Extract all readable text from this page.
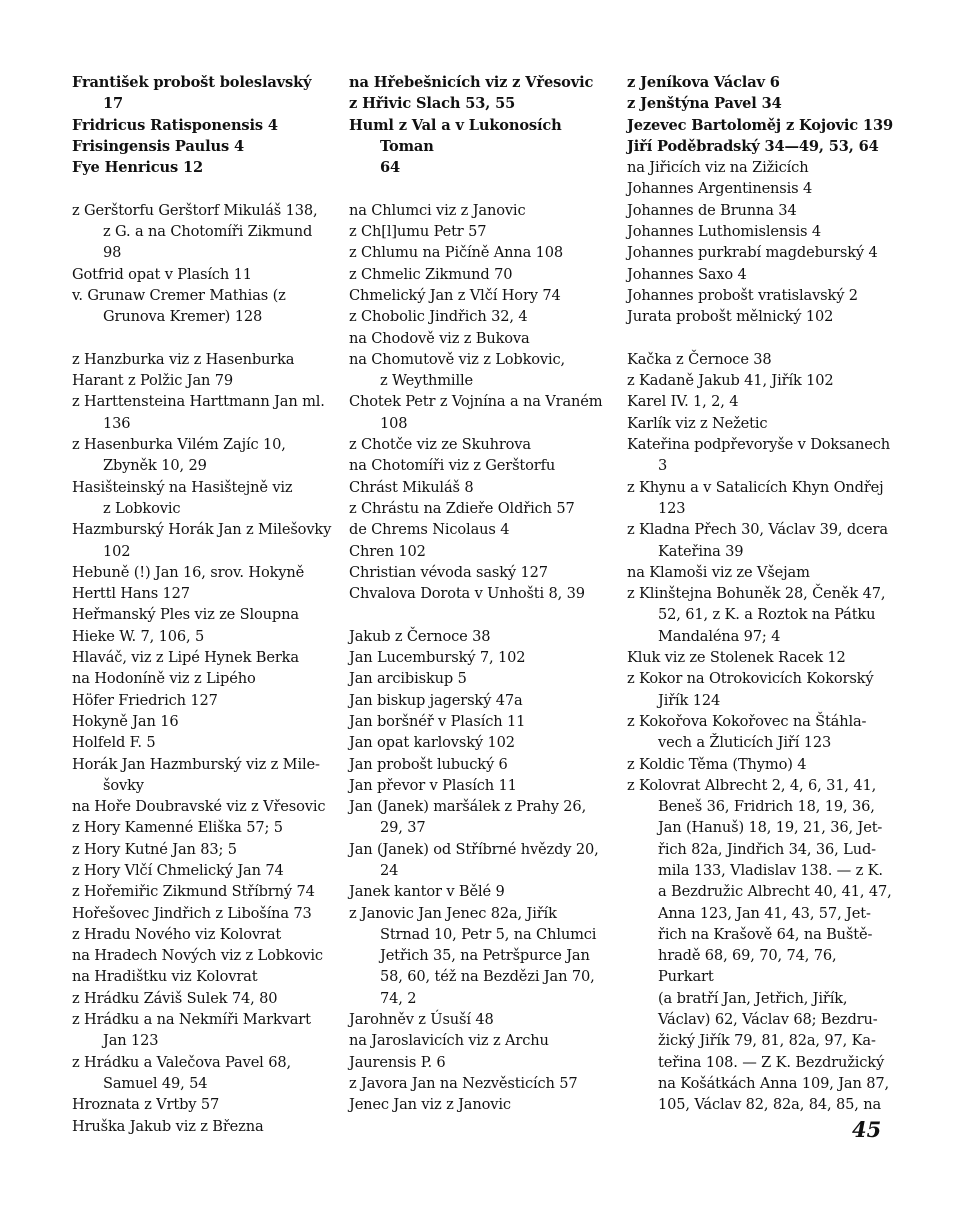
František probošt boleslavský 17

Fridricus Ratisponensis 4

Frisingensis Paulus 4

Fye Henricus 12

z Gerštorfu Gerštorf Mikuláš 138,
z G. a na Chotomíři Zikmund 98

Gotfrid opat v Plasích 11

v. Grunaw Cremer Mathias (z Grunova Kremer) 128

z Hanzburka viz z Hasenburka

Harant z Polžic Jan 79

z Harttensteina Harttmann Jan ml.
136

z Hasenburka Vilém Zajíc 10, Zbyněk 10, 29

Hasišteinský na Hasištejně viz
z Lobkovic

Hazmburský Horák Jan z Milešovky
102

Hebuně (!) Jan 16, srov. Hokyně

Herttl Hans 127

Heřmanský Ples viz ze Sloupna

Hieke W. 7, 106, 5

Hlaváč, viz z Lipé Hynek Berka

na Hodoníně viz z Lipého

Höfer Friedrich 127

Hokyně Jan 16

Holfeld F. 5

Horák Jan Hazmburský viz z Mile-
šovky

na Hoře Doubravské viz z Vřesovic

z Hory Kamenné Eliška 57; 5

z Hory Kutné Jan 83; 5

z Hory Vlčí Chmelický Jan 74

z Hořemiřic Zikmund Stříbrný 74

Hořešovec Jindřich z Libošína 73

z Hradu Nového viz Kolovrat

na Hradech Nových viz z Lobkovic

na Hradištku viz Kolovrat

z Hrádku Záviš Sulek 74, 80

z Hrádku a na Nekmíři Markvart
Jan 123

z Hrádku a Valečova Pavel 68, Samuel 49, 54

Hroznata z Vrtby 57

Hruška Jakub viz z Března

na Hřebešnicích viz z Vřesovic

z Hřivic Slach 53, 55

Huml z Val a v Lukonosích Toman
64

na Chlumci viz z Janovic

z Ch[l]umu Petr 57

z Chlumu na Pičíně Anna 108

z Chmelic Zikmund 70

Chmelický Jan z Vlčí Hory 74

z Chobolic Jindřich 32, 4

na Chodově viz z Bukova

na Chomutově viz z Lobkovic,
z Weythmille

Chotek Petr z Vojnína a na Vraném
108

z Chotče viz ze Skuhrova

na Chotomíři viz z Gerštorfu

Chrást Mikuláš 8

z Chrástu na Zdieře Oldřich 57

de Chrems Nicolaus 4

Chren 102

Christian vévoda saský 127

Chvalova Dorota v Unhošti 8, 39

Jakub z Černoce 38

Jan Lucemburský 7, 102

Jan arcibiskup 5

Jan biskup jagerský 47a

Jan boršnéř v Plasích 11

Jan opat karlovský 102

Jan probošt lubucký 6

Jan převor v Plasích 11

Jan (Janek) maršálek z Prahy 26,
29, 37

Jan (Janek) od Stříbrné hvězdy 20,
24

Janek kantor v Bělé 9

z Janovic Jan Jenec 82a, Jiřík
Strnad 10, Petr 5, na Chlumci
Jetřich 35, na Petršpurce Jan
58, 60, též na Bezdězi Jan 70,
74, 2

Jarohněv z Úsuší 48

na Jaroslavicích viz z Archu

Jaurensis P. 6

z Javora Jan na Nezvěsticích 57

Jenec Jan viz z Janovic

z Jeníkova Václav 6

z Jenštýna Pavel 34

Jezevec Bartoloměj z Kojovic 139

Jiří Poděbradský 34—49, 53, 64

na Jiřicích viz na Zižicích

Johannes Argentinensis 4

Johannes de Brunna 34

Johannes Luthomislensis 4

Johannes purkrabí magdeburský 4

Johannes Saxo 4

Johannes probošt vratislavský 2

Jurata probošt mělnický 102

Kačka z Černoce 38

z Kadaně Jakub 41, Jiřík 102

Karel IV. 1, 2, 4

Karlík viz z Nežetic

Kateřina podpřevoryše v Doksanech
3

z Khynu a v Satalicích Khyn Ondřej
123

z Kladna Přech 30, Václav 39, dcera
Kateřina 39

na Klamoši viz ze Všejam

z Klinštejna Bohuněk 28, Čeněk 47,
52, 61, z K. a Roztok na Pátku
Mandaléna 97; 4

Kluk viz ze Stolenek Racek 12

z Kokor na Otrokovicích Kokorský
Jiřík 124

z Kokořova Kokořovec na Štáhla-
vech a Žluticích Jiří 123

z Koldic Těma (Thymo) 4

z Kolovrat Albrecht 2, 4, 6, 31, 41,
Beneš 36, Fridrich 18, 19, 36,
Jan (Hanuš) 18, 19, 21, 36, Jet-
řich 82a, Jindřich 34, 36, Lud-
mila 133, Vladislav 138. — z K.
a Bezdružic Albrecht 40, 41, 47,
Anna 123, Jan 41, 43, 57, Jet-
řich na Krašově 64, na Buště-
hradě 68, 69, 70, 74, 76, Purkart
(a bratří Jan, Jetřich, Jiřík,
Václav) 62, Václav 68; Bezdru-
žický Jiřík 79, 81, 82a, 97, Ka-
teřina 108. — Z K. Bezdružický
na Košátkách Anna 109, Jan 87,
105, Václav 82, 82a, 84, 85, na

45
